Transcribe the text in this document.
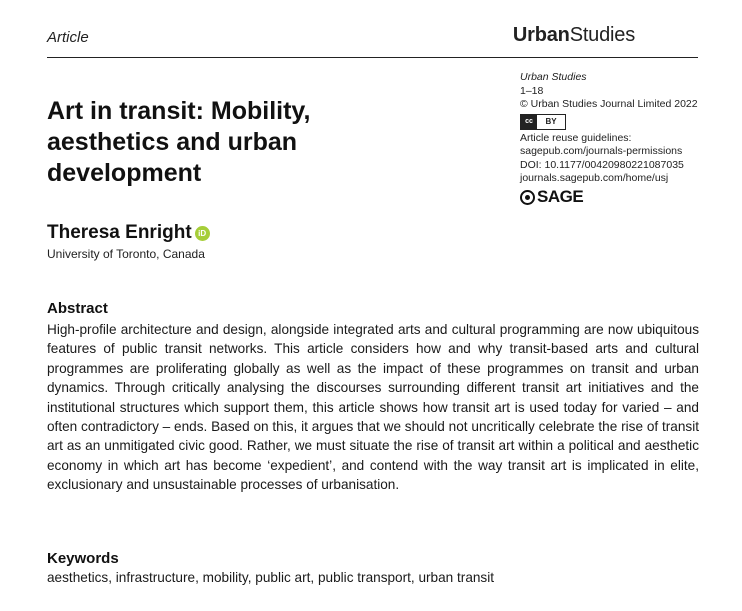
Article	UrbanStudies
Art in transit: Mobility, aesthetics and urban development
Theresa Enright iD
University of Toronto, Canada
Urban Studies
1–18
© Urban Studies Journal Limited 2022
cc	BY
Article reuse guidelines:
sagepub.com/journals-permissions
DOI: 10.1177/00420980221087035
journals.sagepub.com/home/usj
SAGE
Abstract

High-profile architecture and design, alongside integrated arts and cultural programming are now ubiquitous features of public transit networks. This article considers how and why transit-based arts and cultural programmes are proliferating globally as well as the impact of these programmes on transit and urban dynamics. Through critically analysing the discourses surrounding different transit art initiatives and the institutional structures which support them, this article shows how transit art is used today for varied – and often contradictory – ends. Based on this, it argues that we should not uncritically celebrate the rise of transit art as an unmitigated civic good. Rather, we must situate the rise of transit art within a political and aesthetic economy in which art has become ‘expedient’, and contend with the way transit art is implicated in elite, exclusionary and unsustainable processes of urbanisation.

Keywords

aesthetics, infrastructure, mobility, public art, public transport, urban transit
